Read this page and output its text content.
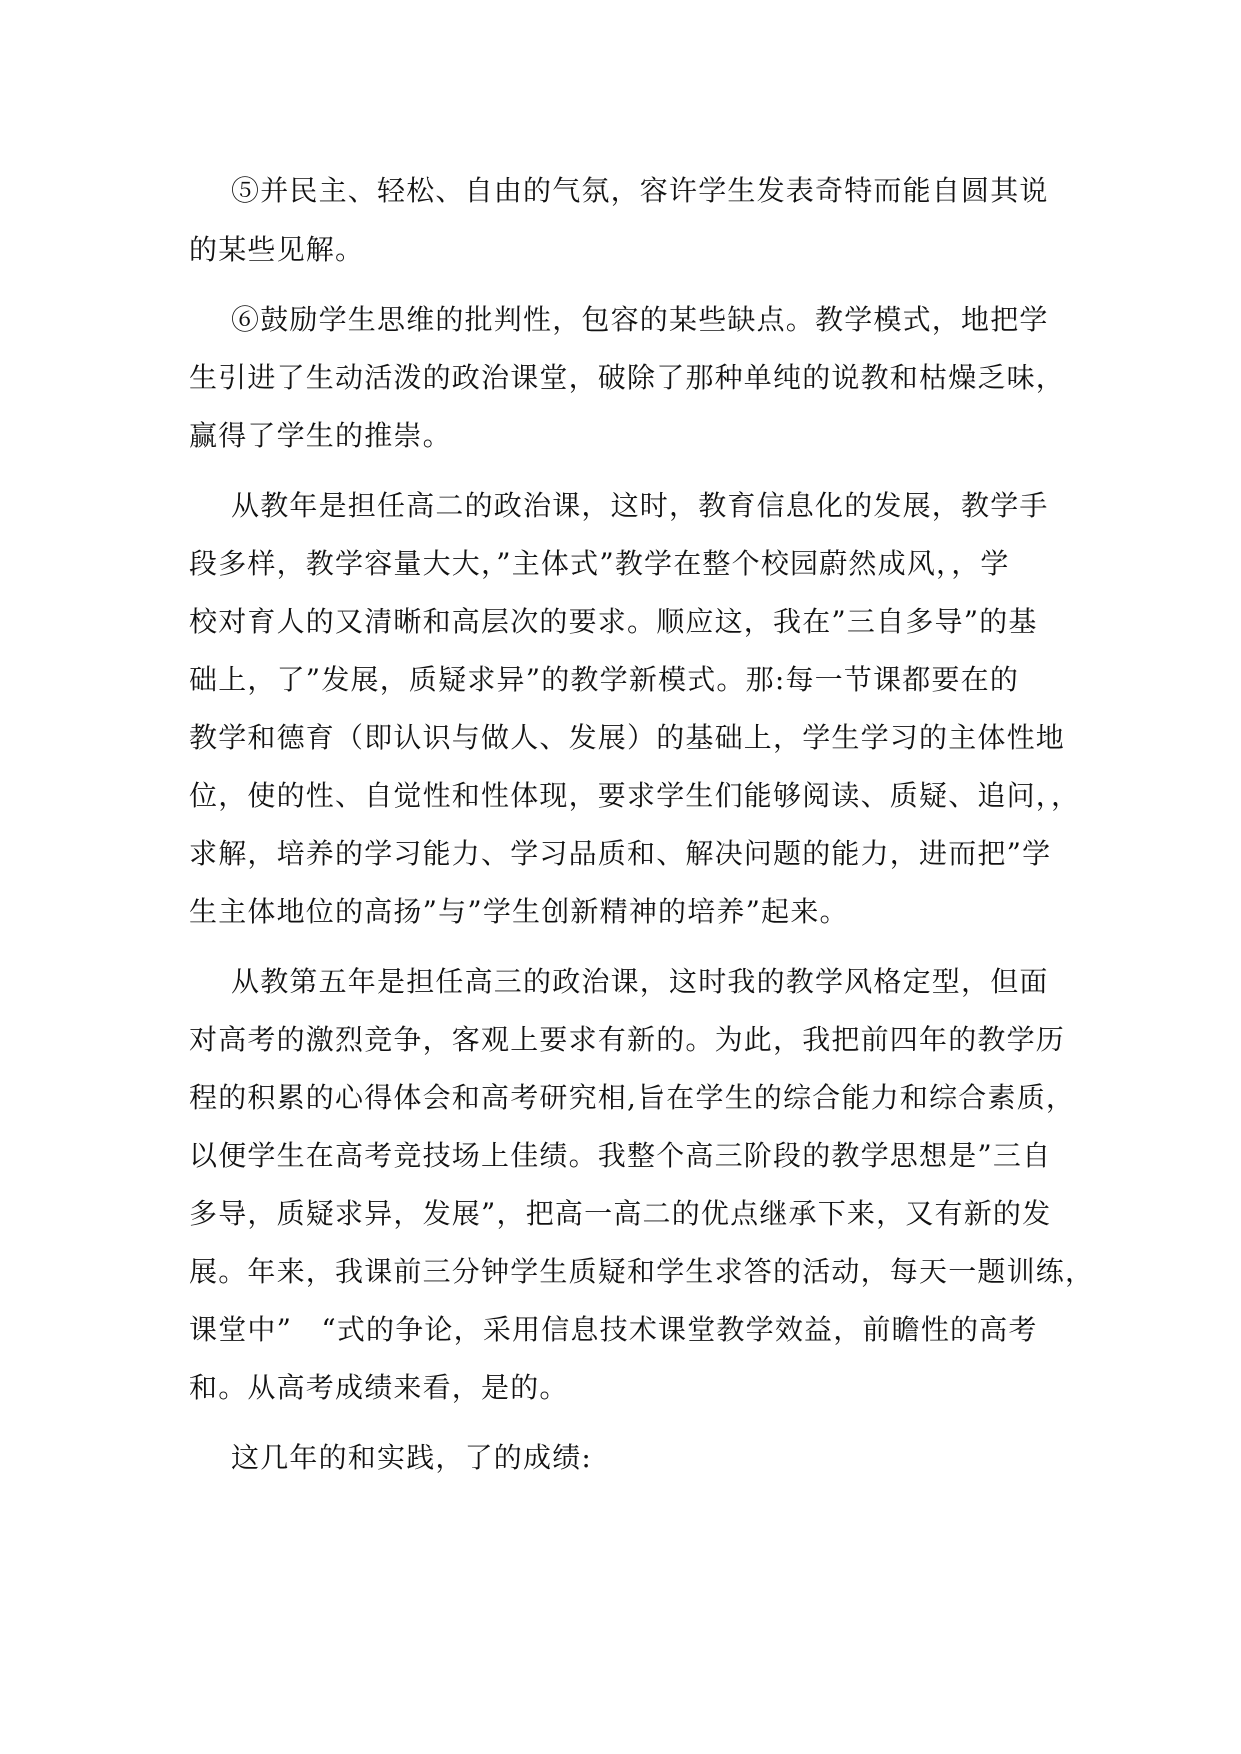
⑤并民主、轻松、自由的气氛，容许学生发表奇特而能自圆其说
的某些见解。
⑥鼓励学生思维的批判性，包容的某些缺点。教学模式，地把学
生引进了生动活泼的政治课堂，破除了那种单纯的说教和枯燥乏味，
赢得了学生的推崇。
从教年是担任高二的政治课，这时，教育信息化的发展，教学手
段多样，教学容量大大，”主体式”教学在整个校园蔚然成风，，学
校对育人的又清晰和高层次的要求。顺应这，我在”三自多导”的基
础上，了”发展，质疑求异”的教学新模式。那:每一节课都要在的
教学和德育（即认识与做人、发展）的基础上，学生学习的主体性地
位，使的性、自觉性和性体现，要求学生们能够阅读、质疑、追问，，
求解，培养的学习能力、学习品质和、解决问题的能力，进而把”学
生主体地位的高扬”与”学生创新精神的培养”起来。
从教第五年是担任高三的政治课，这时我的教学风格定型，但面
对高考的激烈竞争，客观上要求有新的。为此，我把前四年的教学历
程的积累的心得体会和高考研究相,旨在学生的综合能力和综合素质，
以便学生在高考竞技场上佳绩。我整个高三阶段的教学思想是”三自
多导，质疑求异，发展”，把高一高二的优点继承下来，又有新的发
展。年来，我课前三分钟学生质疑和学生求答的活动，每天一题训练，
课堂中”　“式的争论，采用信息技术课堂教学效益，前瞻性的高考
和。从高考成绩来看，是的。
这几年的和实践，了的成绩:
